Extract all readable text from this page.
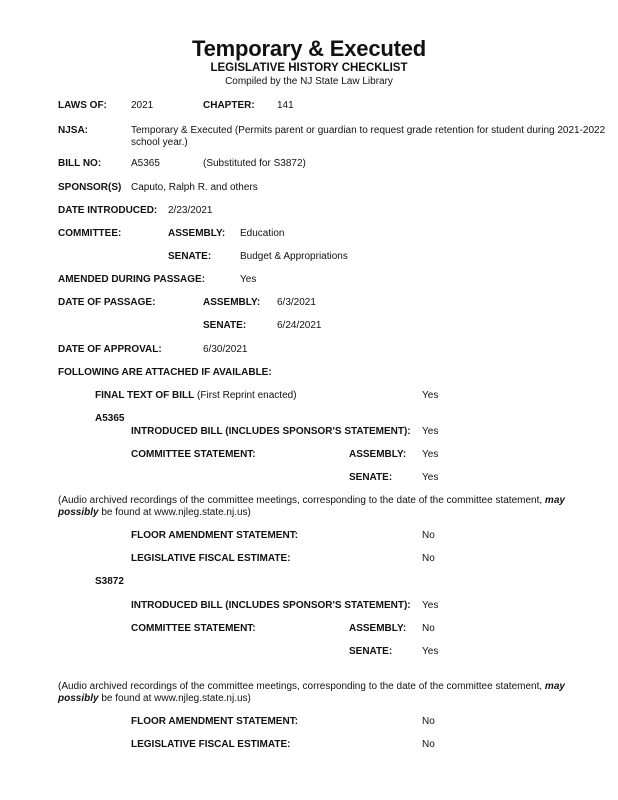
Temporary & Executed
LEGISLATIVE HISTORY CHECKLIST
Compiled by the NJ State Law Library
LAWS OF: 2021	CHAPTER: 141
NJSA:	Temporary & Executed (Permits parent or guardian to request grade retention for student during 2021-2022 school year.)
BILL NO:	A5365	(Substituted for S3872)
SPONSOR(S) Caputo, Ralph R. and others
DATE INTRODUCED: 2/23/2021
COMMITTEE:	ASSEMBLY: Education
SENATE:	Budget & Appropriations
AMENDED DURING PASSAGE:	Yes
DATE OF PASSAGE:	ASSEMBLY: 6/3/2021
SENATE:	6/24/2021
DATE OF APPROVAL:	6/30/2021
FOLLOWING ARE ATTACHED IF AVAILABLE:
FINAL TEXT OF BILL (First Reprint enacted)	Yes
A5365
INTRODUCED BILL (INCLUDES SPONSOR'S STATEMENT): Yes
COMMITTEE STATEMENT:	ASSEMBLY: Yes
SENATE:	Yes
(Audio archived recordings of the committee meetings, corresponding to the date of the committee statement, may possibly be found at www.njleg.state.nj.us)
FLOOR AMENDMENT STATEMENT:	No
LEGISLATIVE FISCAL ESTIMATE:	No
S3872
INTRODUCED BILL (INCLUDES SPONSOR'S STATEMENT): Yes
COMMITTEE STATEMENT:	ASSEMBLY: No
SENATE:	Yes
(Audio archived recordings of the committee meetings, corresponding to the date of the committee statement, may possibly be found at www.njleg.state.nj.us)
FLOOR AMENDMENT STATEMENT:	No
LEGISLATIVE FISCAL ESTIMATE:	No
